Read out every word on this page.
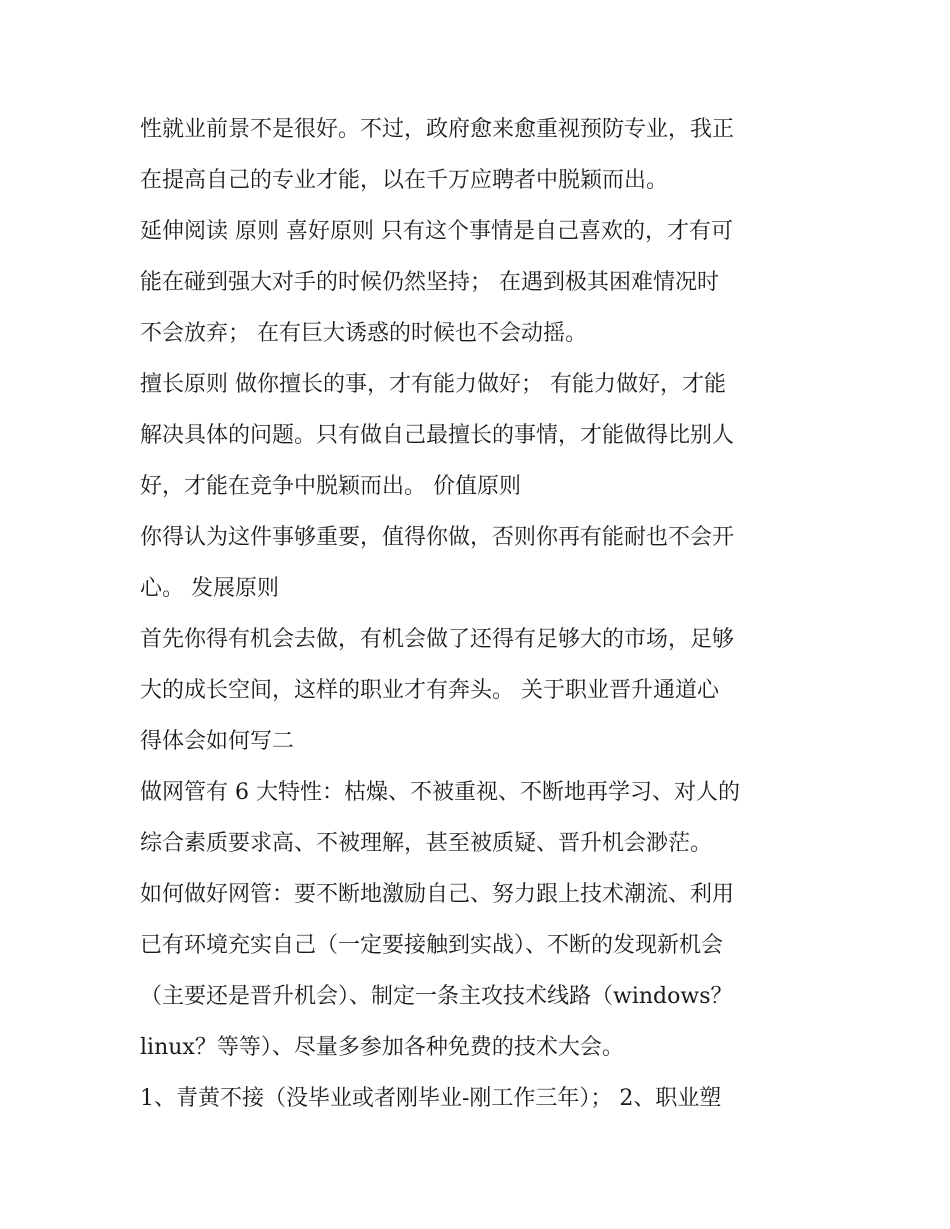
性就业前景不是很好。不过，政府愈来愈重视预防专业，我正
在提高自己的专业才能，以在千万应聘者中脱颖而出。
延伸阅读 原则 喜好原则 只有这个事情是自己喜欢的，才有可
能在碰到强大对手的时候仍然坚持； 在遇到极其困难情况时
不会放弃； 在有巨大诱惑的时候也不会动摇。
擅长原则 做你擅长的事，才有能力做好； 有能力做好，才能
解决具体的问题。只有做自己最擅长的事情，才能做得比别人
好，才能在竞争中脱颖而出。 价值原则
你得认为这件事够重要，值得你做，否则你再有能耐也不会开
心。 发展原则
首先你得有机会去做，有机会做了还得有足够大的市场，足够
大的成长空间，这样的职业才有奔头。 关于职业晋升通道心
得体会如何写二
做网管有 6 大特性：枯燥、不被重视、不断地再学习、对人的
综合素质要求高、不被理解，甚至被质疑、晋升机会渺茫。
如何做好网管：要不断地激励自己、努力跟上技术潮流、利用
已有环境充实自己（一定要接触到实战）、不断的发现新机会
（主要还是晋升机会）、制定一条主攻技术线路（windows？
linux？等等）、尽量多参加各种免费的技术大会。
1、青黄不接（没毕业或者刚毕业-刚工作三年）； 2、职业塑
